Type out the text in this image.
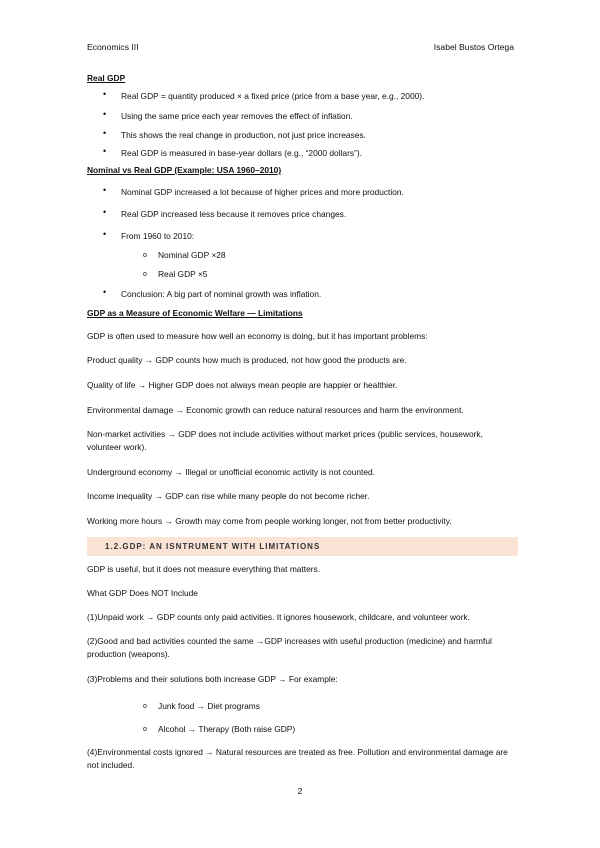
Economics III	Isabel Bustos Ortega
Real GDP
• Real GDP = quantity produced × a fixed price (price from a base year, e.g., 2000).
• Using the same price each year removes the effect of inflation.
• This shows the real change in production, not just price increases.
• Real GDP is measured in base-year dollars (e.g., “2000 dollars”).
Nominal vs Real GDP (Example: USA 1960–2010)
• Nominal GDP increased a lot because of higher prices and more production.
• Real GDP increased less because it removes price changes.
• From 1960 to 2010:
o Nominal GDP ×28
o Real GDP ×5
• Conclusion: A big part of nominal growth was inflation.
GDP as a Measure of Economic Welfare — Limitations
GDP is often used to measure how well an economy is doing, but it has important problems:
Product quality → GDP counts how much is produced, not how good the products are.
Quality of life → Higher GDP does not always mean people are happier or healthier.
Environmental damage → Economic growth can reduce natural resources and harm the environment.
Non-market activities → GDP does not include activities without market prices (public services, housework, volunteer work).
Underground economy → Illegal or unofficial economic activity is not counted.
Income inequality → GDP can rise while many people do not become richer.
Working more hours → Growth may come from people working longer, not from better productivity.
1.2.GDP: AN ISNTRUMENT WITH LIMITATIONS
GDP is useful, but it does not measure everything that matters.
What GDP Does NOT Include
(1)Unpaid work → GDP counts only paid activities. It ignores housework, childcare, and volunteer work.
(2)Good and bad activities counted the same →GDP increases with useful production (medicine) and harmful production (weapons).
(3)Problems and their solutions both increase GDP → For example:
o Junk food → Diet programs
o Alcohol → Therapy (Both raise GDP)
(4)Environmental costs ignored → Natural resources are treated as free. Pollution and environmental damage are not included.
2
